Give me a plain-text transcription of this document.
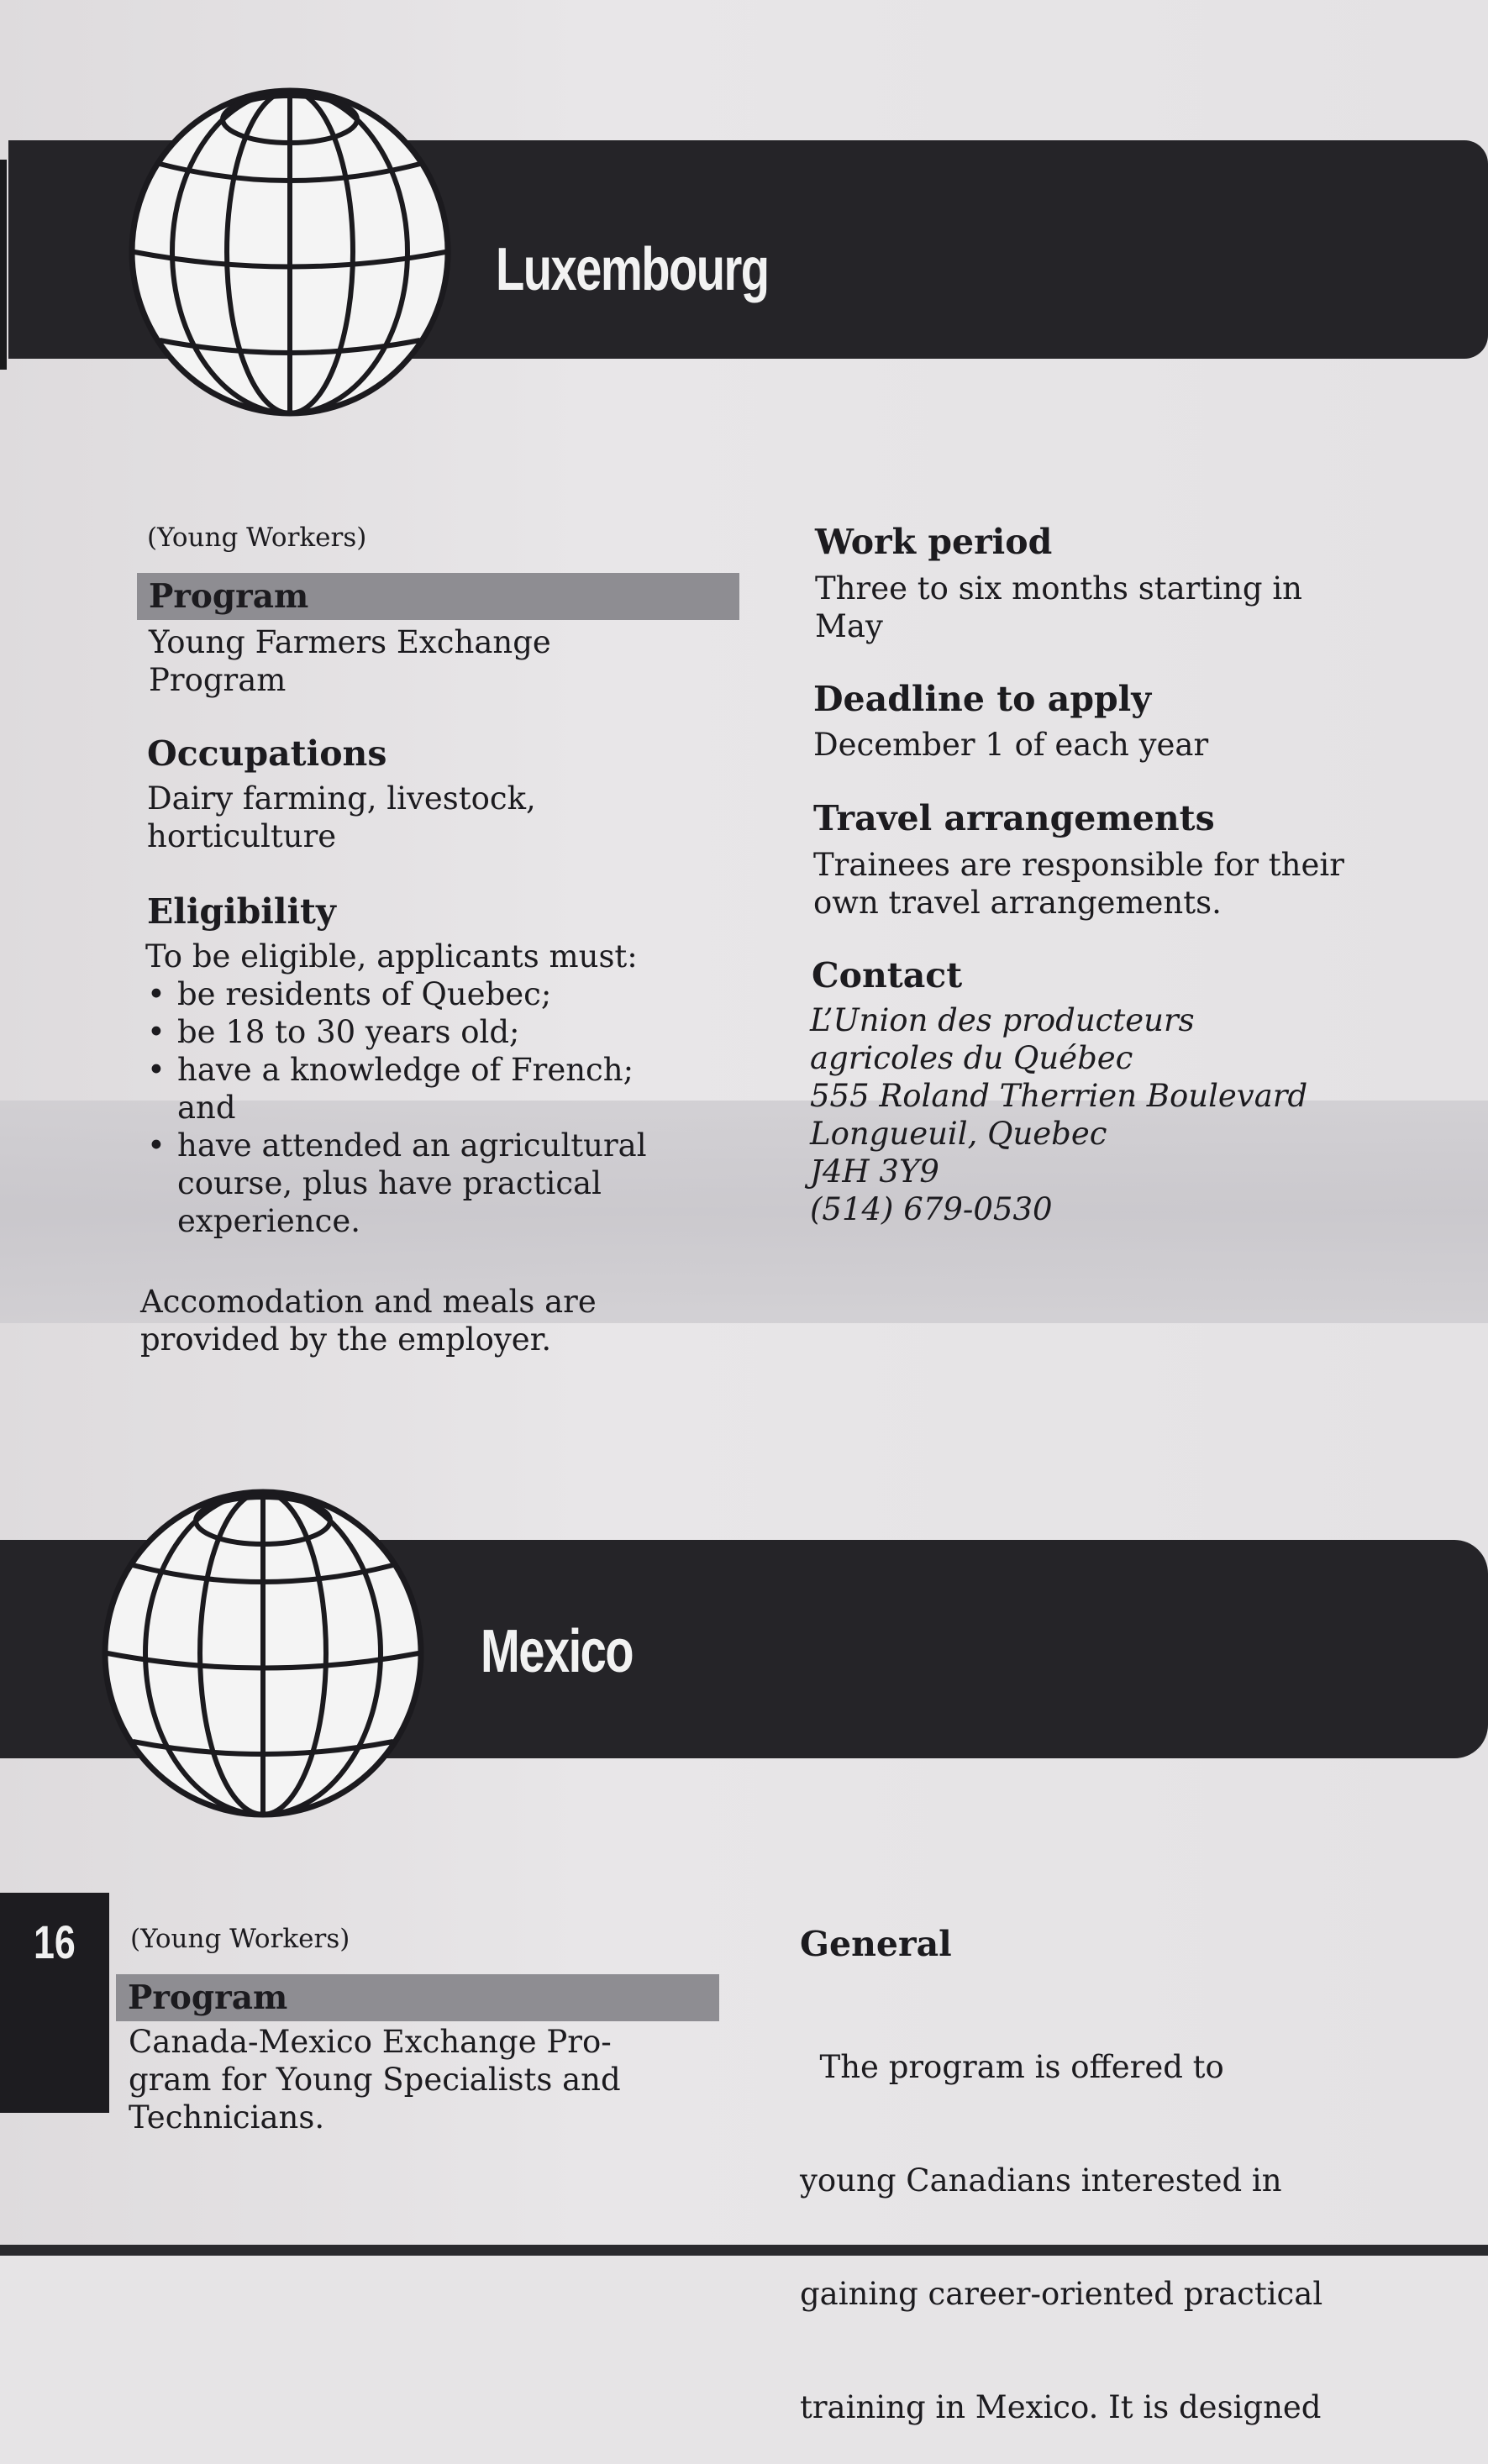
Luxembourg
(Young Workers)
Program
Young Farmers Exchange
Program
Occupations
Dairy farming, livestock,
horticulture
Eligibility
To be eligible, applicants must:
• be residents of Quebec;
• be 18 to 30 years old;
• have a knowledge of French;
and
• have attended an agricultural
course, plus have practical
experience.
Accomodation and meals are
provided by the employer.
Work period
Three to six months starting in
May
Deadline to apply
December 1 of each year
Travel arrangements
Trainees are responsible for their
own travel arrangements.
Contact
L’Union des producteurs
agricoles du Québec
555 Roland Therrien Boulevard
Longueuil, Quebec
J4H 3Y9
(514) 679-0530
Mexico
16 (Young Workers)
Program
Canada-Mexico Exchange Pro-
gram for Young Specialists and
Technicians.
General

The program is offered to

young Canadians interested in

gaining career-oriented practical

training in Mexico. It is designed
